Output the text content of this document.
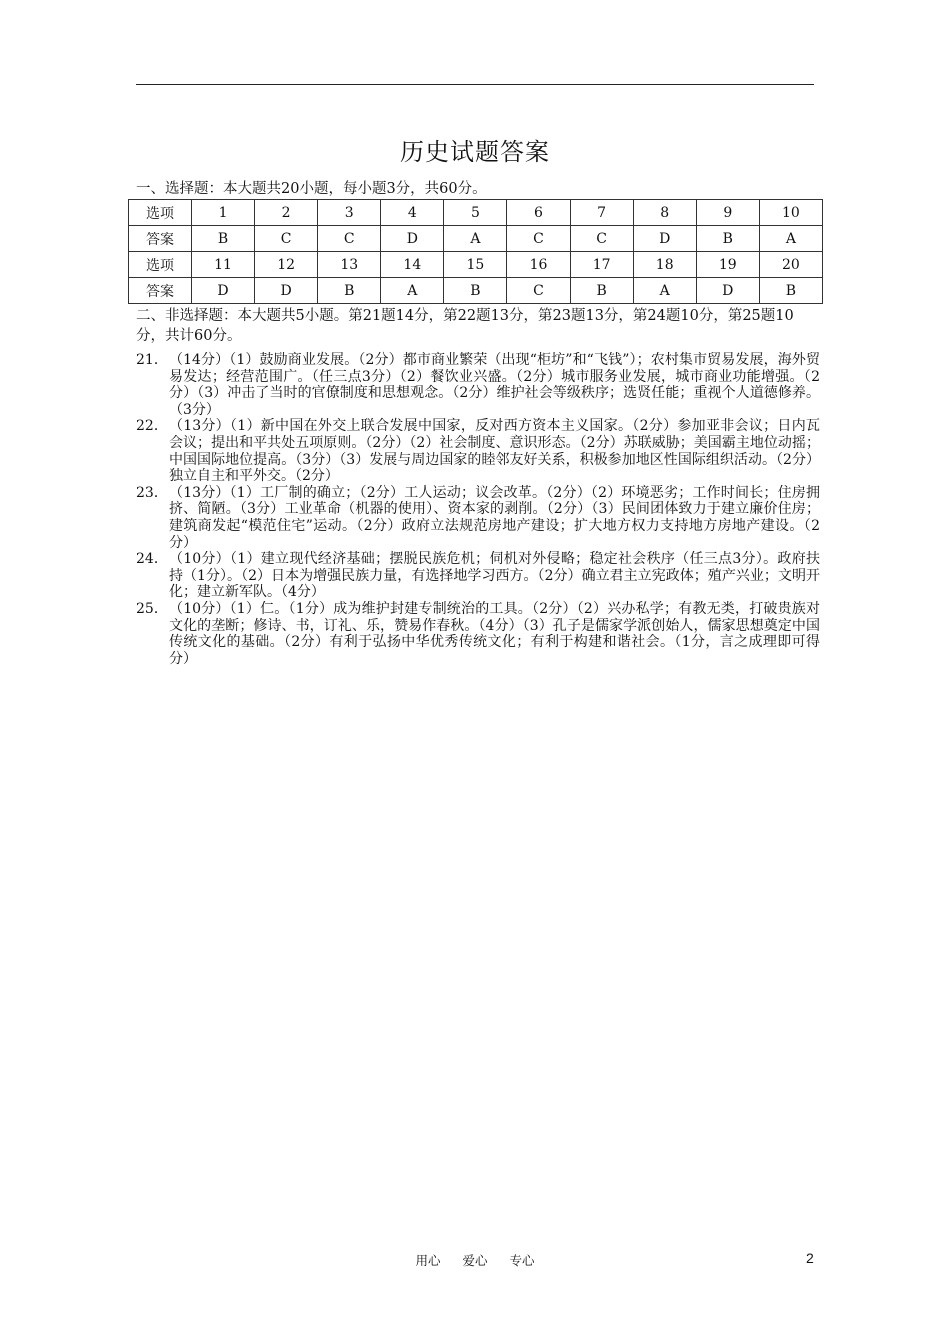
历史试题答案
一、选择题：本大题共20小题，每小题3分，共60分。
选项	1	2	3	4	5	6	7	8	9	10
答案	B	C	C	D	A	C	C	D	B	A
选项	11	12	13	14	15	16	17	18	19	20
答案	D	D	B	A	B	C	B	A	D	B
二、非选择题：本大题共5小题。第21题14分，第22题13分，第23题13分，第24题10分，第25题10分，共计60分。
21． （14分）（1）鼓励商业发展。（2分）都市商业繁荣（出现“柜坊”和“飞钱”）；农村集市贸易发展，海外贸易发达；经营范围广。（任三点3分）（2）餐饮业兴盛。（2分）城市服务业发展，城市商业功能增强。（2分）（3）冲击了当时的官僚制度和思想观念。（2分）维护社会等级秩序；选贤任能；重视个人道德修养。（3分）
22． （13分）（1）新中国在外交上联合发展中国家，反对西方资本主义国家。（2分）参加亚非会议；日内瓦会议；提出和平共处五项原则。（2分）（2）社会制度、意识形态。（2分）苏联威胁；美国霸主地位动摇；中国国际地位提高。（3分）（3）发展与周边国家的睦邻友好关系，积极参加地区性国际组织活动。（2分）独立自主和平外交。（2分）
23． （13分）（1）工厂制的确立；（2分）工人运动；议会改革。（2分）（2）环境恶劣；工作时间长；住房拥挤、简陋。（3分）工业革命（机器的使用）、资本家的剥削。（2分）（3）民间团体致力于建立廉价住房；建筑商发起“模范住宅”运动。（2分）政府立法规范房地产建设；扩大地方权力支持地方房地产建设。（2分）
24． （10分）（1）建立现代经济基础；摆脱民族危机；伺机对外侵略；稳定社会秩序（任三点3分）。政府扶持（1分）。（2）日本为增强民族力量，有选择地学习西方。（2分）确立君主立宪政体；殖产兴业；文明开化；建立新军队。（4分）
25． （10分）（1）仁。（1分）成为维护封建专制统治的工具。（2分）（2）兴办私学；有教无类，打破贵族对文化的垄断；修诗、书，订礼、乐，赞易作春秋。（4分）（3）孔子是儒家学派创始人，儒家思想奠定中国传统文化的基础。（2分）有利于弘扬中华优秀传统文化；有利于构建和谐社会。（1分，言之成理即可得分）
用心 爱心 专心	2
